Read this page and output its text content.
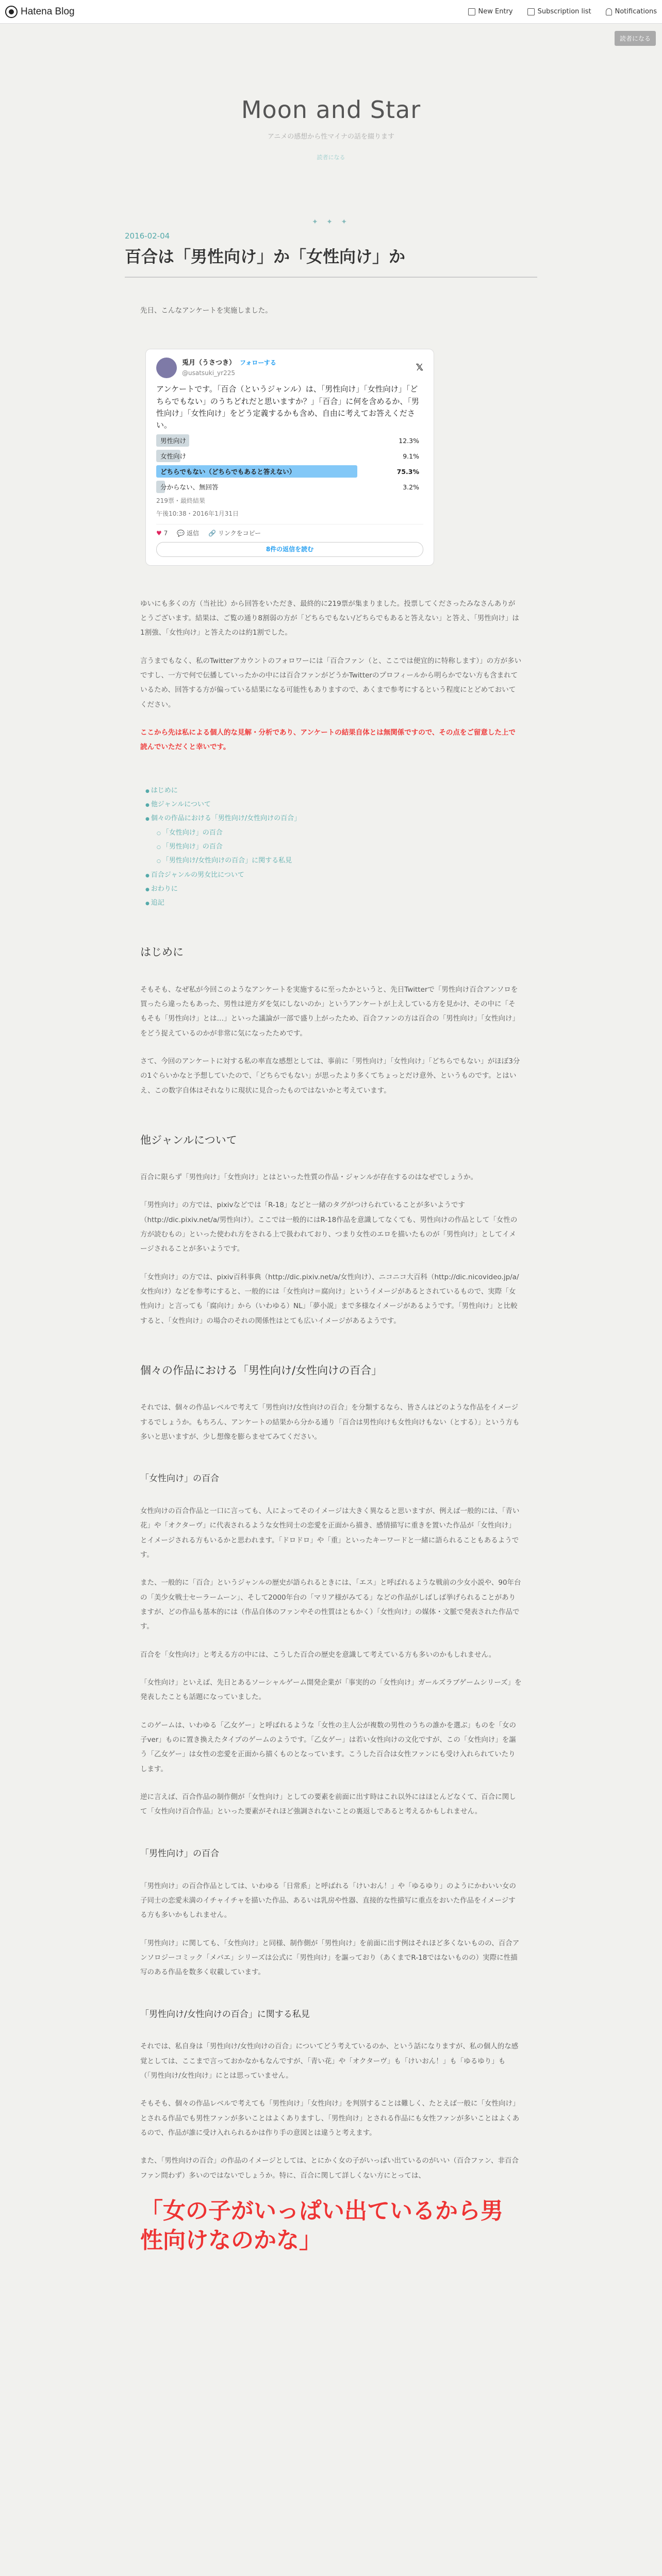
Hatena Blog	New Entry	Subscription list	Notifications
読者になる
Moon and Star
アニメの感想から性マイナの話を綴ります
読者になる
✦ ✦ ✦
2016-02-04
百合は「男性向け」か「女性向け」か

先日、こんなアンケートを実施しました。

兎月（うさつき） フォローする
@usatsuki_yr225	𝕏
アンケートです。「百合（というジャンル）は、「男性向け」「女性向け」「どちらでもない」のうちどれだと思いますか？」「百合」に何を含めるか、「男性向け」「女性向け」をどう定義するかも含め、自由に考えてお答えください。
男性向け	12.3%
女性向け	9.1%
どちらでもない（どちらでもあると答えない）	75.3%
分からない、無回答	3.2%
219票・最終結果
午後10:38・2016年1月31日
♥ 7 💬 返信 🔗 リンクをコピー
8件の返信を読む

ゆいにも多くの方（当社比）から回答をいただき、最終的に219票が集まりました。投票してくださったみなさんありがとうございます。結果は、ご覧の通り8割弱の方が「どちらでもない/どちらでもあると答えない」と答え、「男性向け」は1割強、「女性向け」と答えたのは約1割でした。

言うまでもなく、私のTwitterアカウントのフォロワーには「百合ファン（と、ここでは便宜的に特称します）」の方が多いですし、一方で何で伝播していったかの中には百合ファンがどうかTwitterのプロフィールから明らかでない方も含まれているため、回答する方が偏っている結果になる可能性もありますので、あくまで参考にするという程度にとどめておいてください。

ここから先は私による個人的な見解・分析であり、アンケートの結果自体とは無関係ですので、その点をご留意した上で読んでいただくと幸いです。

● はじめに
● 他ジャンルについて
● 個々の作品における「男性向け/女性向けの百合」
○ 「女性向け」の百合
○ 「男性向け」の百合
○ 「男性向け/女性向けの百合」に関する私見
● 百合ジャンルの男女比について
● おわりに
● 追記
はじめに

そもそも、なぜ私が今回このようなアンケートを実施するに至ったかというと、先日Twitterで「男性向け百合アンソロを買ったら違ったもあった、男性は逆方ダを気にしないのか」というアンケートが上えしている方を見かけ、その中に「そもそも「男性向け」とは…」といった議論が一部で盛り上がったため、百合ファンの方は百合の「男性向け」「女性向け」をどう捉えているのかが非常に気になったためです。

さて、今回のアンケートに対する私の率直な感想としては、事前に「男性向け」「女性向け」「どちらでもない」がほぼ3分の1ぐらいかなと予想していたので、「どちらでもない」が思ったより多くてちょっとだけ意外、というものです。とはいえ、この数字自体はそれなりに現状に見合ったものではないかと考えています。

他ジャンルについて

百合に限らず「男性向け」「女性向け」とはといった性質の作品・ジャンルが存在するのはなぜでしょうか。

「男性向け」の方では、pixivなどでは「R-18」などと一緒のタグがつけられていることが多いようです（http://dic.pixiv.net/a/男性向け）。ここでは一般的にはR-18作品を意識してなくても、男性向けの作品として「女性の方が読むもの」といった使われ方をされる上で扱われており、つまり女性のエロを描いたものが「男性向け」としてイメージされることが多いようです。

「女性向け」の方では、pixiv百科事典（http://dic.pixiv.net/a/女性向け）、ニコニコ大百科（http://dic.nicovideo.jp/a/女性向け）などを参考にすると、一般的には「女性向け＝腐向け」というイメージがあるとされているもので、実際「女性向け」と言っても「腐向け」から（いわゆる）NL」「夢小説」まで多様なイメージがあるようです。「男性向け」と比較すると、「女性向け」の場合のそれの関係性はとても広いイメージがあるようです。

個々の作品における「男性向け/女性向けの百合」

それでは、個々の作品レベルで考えて「男性向け/女性向けの百合」を分類するなら、皆さんはどのような作品をイメージするでしょうか。もちろん、アンケートの結果から分かる通り「百合は男性向けも女性向けもない（とする）」という方も多いと思いますが、少し想像を膨らませてみてください。

「女性向け」の百合

女性向けの百合作品と一口に言っても、人によってそのイメージは大きく異なると思いますが、例えば一般的には、「青い花」や「オクターヴ」に代表されるような女性同士の恋愛を正面から描き、感情描写に重きを置いた作品が「女性向け」とイメージされる方もいるかと思われます。「ドロドロ」や「重」といったキーワードと一緒に語られることもあるようです。

また、一般的に「百合」というジャンルの歴史が語られるときには、「エス」と呼ばれるような戦前の少女小説や、90年台の「美少女戦士セーラームーン」、そして2000年台の「マリア様がみてる」などの作品がしばしば挙げられることがありますが、どの作品も基本的には（作品自体のファンやその性質はともかく）「女性向け」の媒体・文脈で発表された作品です。

百合を「女性向け」と考える方の中には、こうした百合の歴史を意識して考えている方も多いのかもしれません。

「女性向け」といえば、先日とあるソーシャルゲーム開発企業が「事実的の「女性向け」ガールズラブゲームシリーズ」を発表したことも話題になっていました。

このゲームは、いわゆる「乙女ゲー」と呼ばれるような「女性の主人公が複数の男性のうちの誰かを選ぶ」ものを「女の子ver」ものに置き換えたタイプのゲームのようです。「乙女ゲー」は若い女性向けの文化ですが、この「女性向け」を謳う「乙女ゲー」は女性の恋愛を正面から描くものとなっています。こうした百合は女性ファンにも受け入れられていたりします。

逆に言えば、百合作品の制作側が「女性向け」としての要素を前面に出す時はこれ以外にはほとんどなくて、百合に関して「女性向け百合作品」といった要素がそれほど強調されないことの裏返しであると考えるかもしれません。

「男性向け」の百合

「男性向け」の百合作品としては、いわゆる「日常系」と呼ばれる「けいおん！」や「ゆるゆり」のようにかわいい女の子同士の恋愛未満のイチャイチャを描いた作品、あるいは乳房や性器、直接的な性描写に重点をおいた作品をイメージする方も多いかもしれません。

「男性向け」に関しても、「女性向け」と同様、制作側が「男性向け」を前面に出す例はそれほど多くないものの、百合アンソロジーコミック「メバエ」シリーズは公式に「男性向け」を謳っており（あくまでR-18ではないものの）実際に性描写のある作品を数多く収載しています。

「男性向け/女性向けの百合」に関する私見

それでは、私自身は「男性向け/女性向けの百合」についてどう考えているのか、という話になりますが、私の個人的な感覚としては、ここまで言っておかなかもなんですが、「青い花」や「オクターヴ」も「けいおん！」も「ゆるゆり」も（「男性向け/女性向け」にとは思っていません。

そもそも、個々の作品レベルで考えても「男性向け」「女性向け」を判別することは難しく、たとえば一般に「女性向け」とされる作品でも男性ファンが多いことはよくありますし、「男性向け」とされる作品にも女性ファンが多いことはよくあるので、作品が誰に受け入れられるかは作り手の意図とは違うと考えます。

また、「男性向けの百合」の作品のイメージとしては、とにかく女の子がいっぱい出ているのがいい（百合ファン、非百合ファン問わず）多いのではないでしょうか。特に、百合に関して詳しくない方にとっては、

「女の子がいっぱい出ているから男性向けなのかな」
